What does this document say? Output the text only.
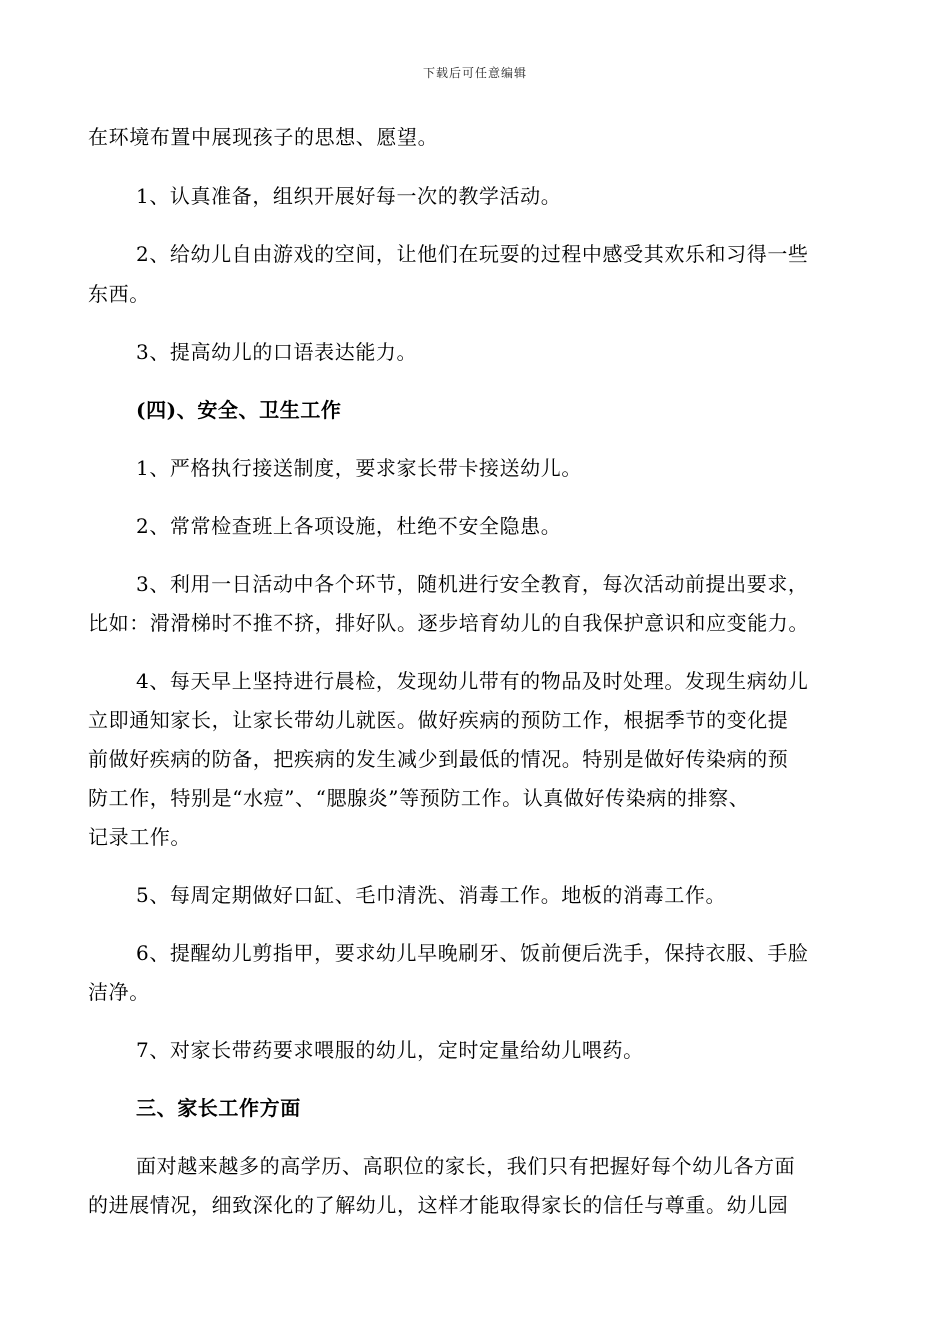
下载后可任意编辑
在环境布置中展现孩子的思想、愿望。
1、认真准备，组织开展好每一次的教学活动。
2、给幼儿自由游戏的空间，让他们在玩耍的过程中感受其欢乐和习得一些
东西。
3、提高幼儿的口语表达能力。
(四)、安全、卫生工作
1、严格执行接送制度，要求家长带卡接送幼儿。
2、常常检查班上各项设施，杜绝不安全隐患。
3、利用一日活动中各个环节，随机进行安全教育，每次活动前提出要求，
比如：滑滑梯时不推不挤，排好队。逐步培育幼儿的自我保护意识和应变能力。
4、每天早上坚持进行晨检，发现幼儿带有的物品及时处理。发现生病幼儿
立即通知家长，让家长带幼儿就医。做好疾病的预防工作，根据季节的变化提
前做好疾病的防备，把疾病的发生减少到最低的情况。特别是做好传染病的预
防工作，特别是“水痘”、“腮腺炎”等预防工作。认真做好传染病的排察、
记录工作。
5、每周定期做好口缸、毛巾清洗、消毒工作。地板的消毒工作。
6、提醒幼儿剪指甲，要求幼儿早晚刷牙、饭前便后洗手，保持衣服、手脸
洁净。
7、对家长带药要求喂服的幼儿，定时定量给幼儿喂药。
三、家长工作方面
面对越来越多的高学历、高职位的家长，我们只有把握好每个幼儿各方面
的进展情况，细致深化的了解幼儿，这样才能取得家长的信任与尊重。幼儿园
